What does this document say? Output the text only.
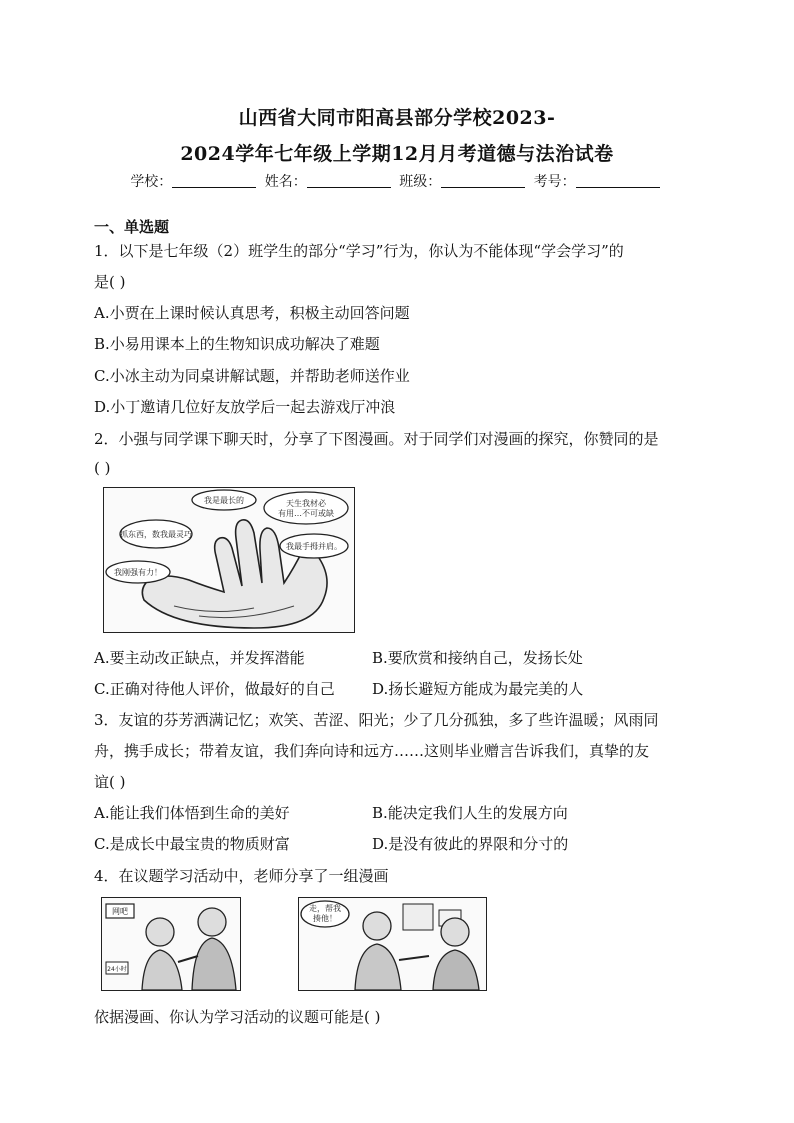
山西省大同市阳高县部分学校2023-
2024学年七年级上学期12月月考道德与法治试卷
学校：	姓名：	班级：	考号：
一、单选题
1．以下是七年级（2）班学生的部分“学习”行为，你认为不能体现“学会学习”的
是( )
A.小贾在上课时候认真思考，积极主动回答问题
B.小易用课本上的生物知识成功解决了难题
C.小冰主动为同桌讲解试题，并帮助老师送作业
D.小丁邀请几位好友放学后一起去游戏厅冲浪
2．小强与同学课下聊天时，分享了下图漫画。对于同学们对漫画的探究，你赞同的是
( )
我是最长的	天生我材必
有用…不可或缺
抓东西，数我最灵巧
我最手拇并肩。
我刚强有力！
A.要主动改正缺点，并发挥潜能	B.要欣赏和接纳自己，发扬长处
C.正确对待他人评价，做最好的自己 D.扬长避短方能成为最完美的人
3．友谊的芬芳洒满记忆；欢笑、苦涩、阳光；少了几分孤独，多了些许温暖；风雨同
舟，携手成长；带着友谊，我们奔向诗和远方……这则毕业赠言告诉我们，真挚的友
谊( )
A.能让我们体悟到生命的美好	B.能决定我们人生的发展方向
C.是成长中最宝贵的物质财富	D.是没有彼此的界限和分寸的
4．在议题学习活动中，老师分享了一组漫画
网吧
24小时
走，帮我
揍他！
依据漫画、你认为学习活动的议题可能是( )
